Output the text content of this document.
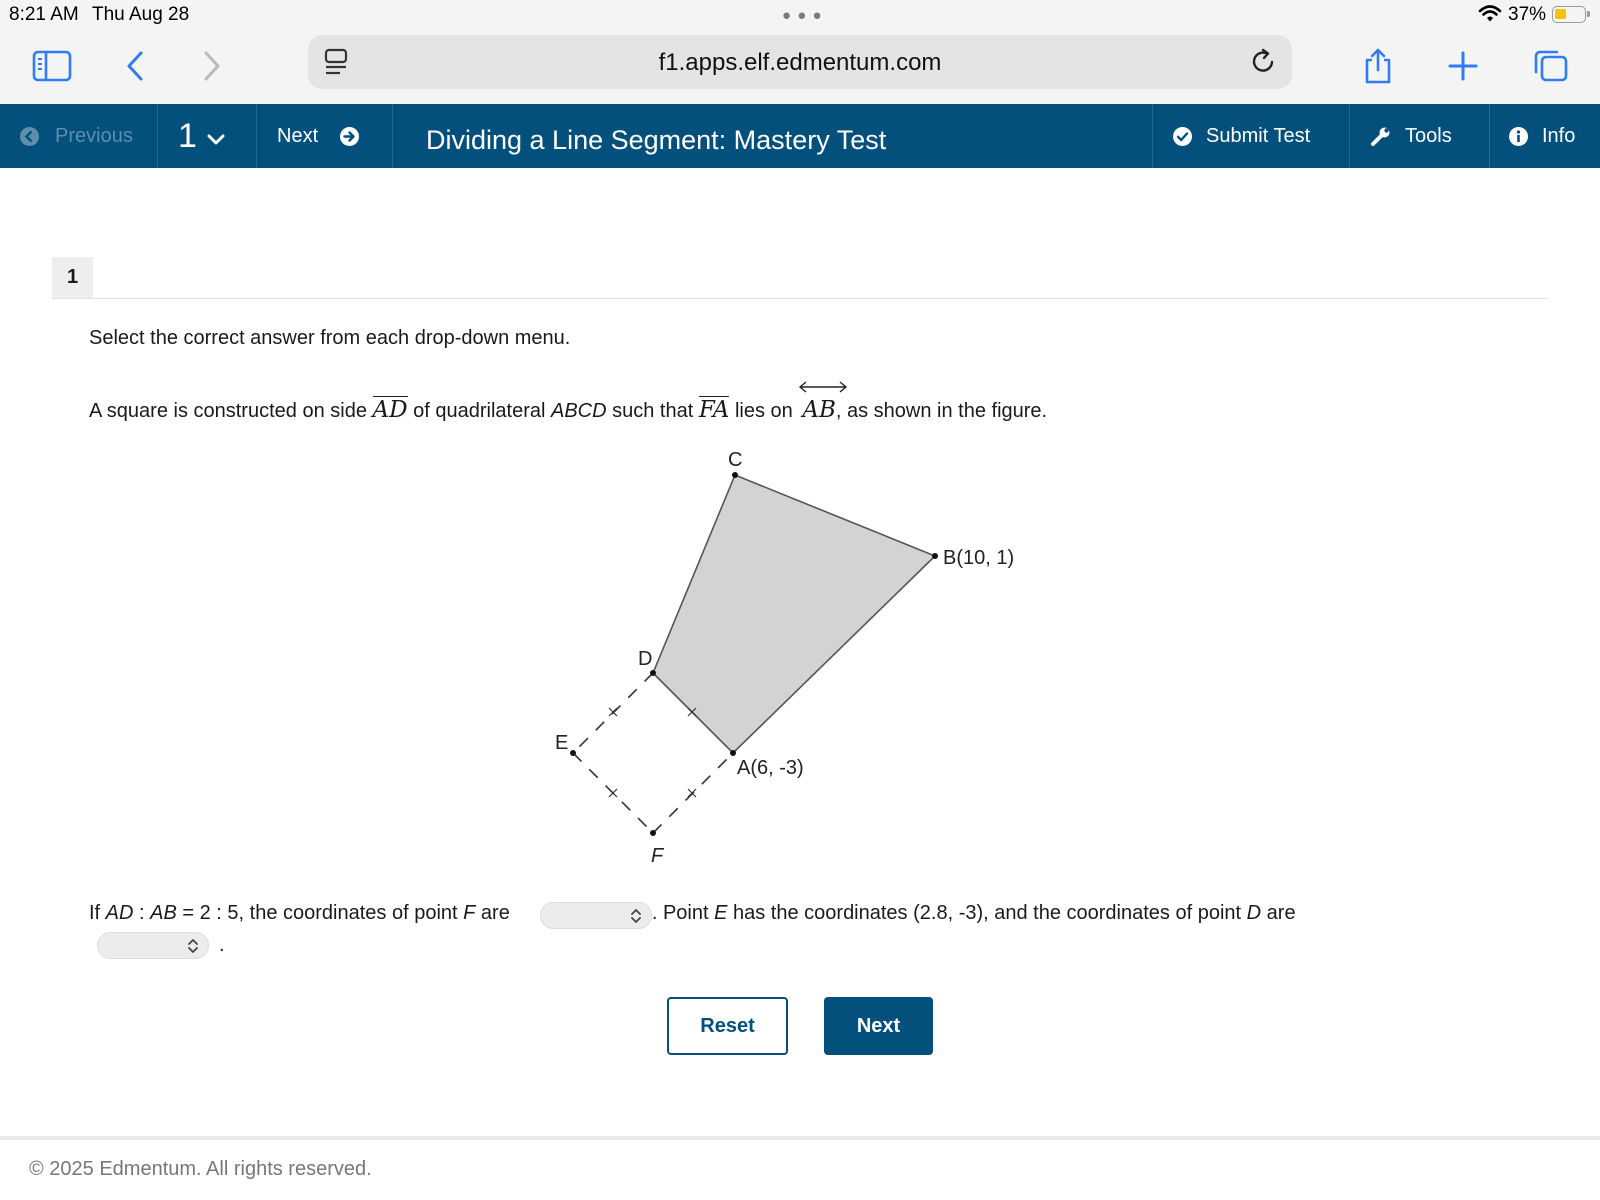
8:21 AM Thu Aug 28	● ● ●	37%
f1.apps.elf.edmentum.com
Previous 1	Next	Dividing a Line Segment: Mastery Test	Submit Test	Tools	Info
1
Select the correct answer from each drop-down menu.
A square is constructed on side AD of quadrilateral ABCD such that FA lies on
AB, as shown in the figure.
C
B(10, 1)
D
E
A(6, -3)
F
If AD : AB = 2 : 5, the coordinates of point F are	. Point E has the coordinates (2.8, -3), and the coordinates of point D are
.
Reset	Next
© 2025 Edmentum. All rights reserved.
